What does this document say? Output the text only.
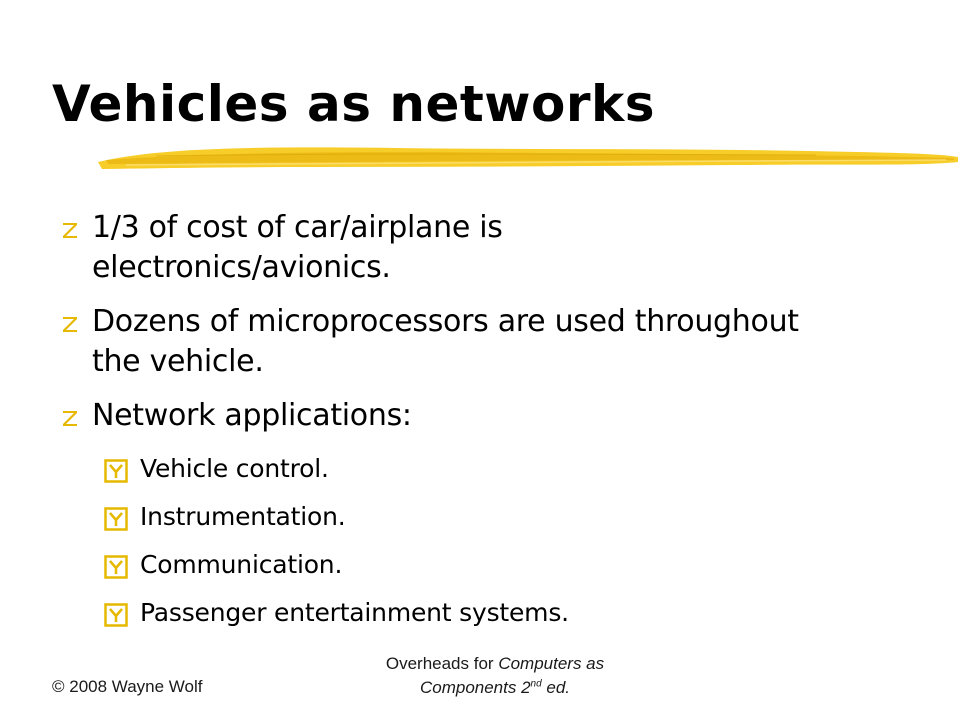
Vehicles as networks
1/3 of cost of car/airplane is
electronics/avionics.
Dozens of microprocessors are used throughout
the vehicle.
Network applications:
Vehicle control.
Instrumentation.
Communication.
Passenger entertainment systems.
© 2008 Wayne Wolf
Overheads for Computers as
Components 2nd ed.
